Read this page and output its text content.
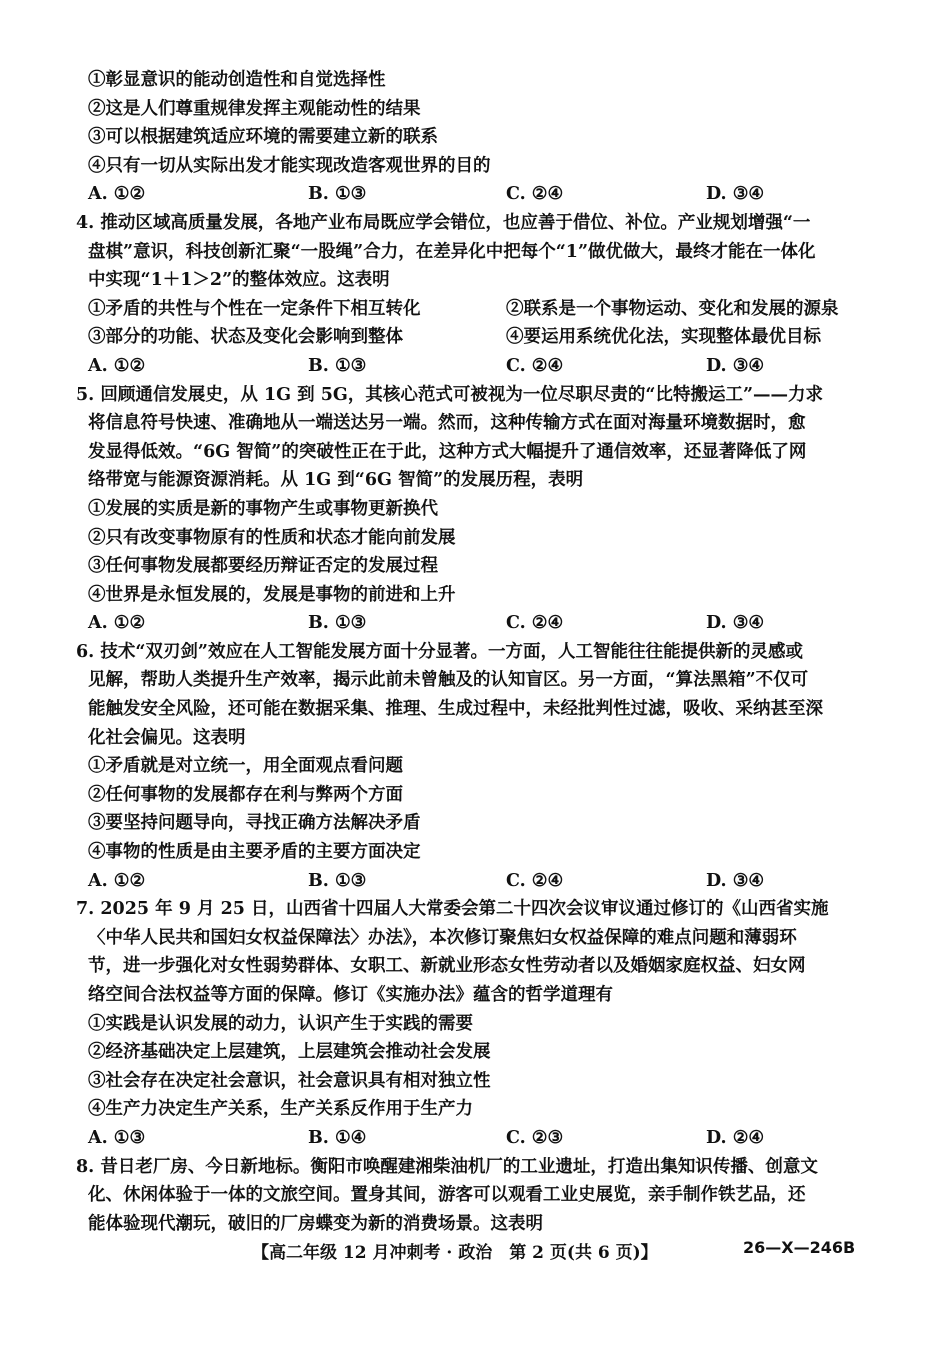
①彰显意识的能动创造性和自觉选择性
②这是人们尊重规律发挥主观能动性的结果
③可以根据建筑适应环境的需要建立新的联系
④只有一切从实际出发才能实现改造客观世界的目的
A. ①②	B. ①③	C. ②④	D. ③④
4. 推动区域高质量发展，各地产业布局既应学会错位，也应善于借位、补位。产业规划增强“一
盘棋”意识，科技创新汇聚“一股绳”合力，在差异化中把每个“1”做优做大，最终才能在一体化
中实现“1＋1＞2”的整体效应。这表明
①矛盾的共性与个性在一定条件下相互转化	②联系是一个事物运动、变化和发展的源泉
③部分的功能、状态及变化会影响到整体	④要运用系统优化法，实现整体最优目标
A. ①②	B. ①③	C. ②④	D. ③④
5. 回顾通信发展史，从 1G 到 5G，其核心范式可被视为一位尽职尽责的“比特搬运工”——力求
将信息符号快速、准确地从一端送达另一端。然而，这种传输方式在面对海量环境数据时，愈
发显得低效。“6G 智简”的突破性正在于此，这种方式大幅提升了通信效率，还显著降低了网
络带宽与能源资源消耗。从 1G 到“6G 智简”的发展历程，表明
①发展的实质是新的事物产生或事物更新换代
②只有改变事物原有的性质和状态才能向前发展
③任何事物发展都要经历辩证否定的发展过程
④世界是永恒发展的，发展是事物的前进和上升
A. ①②	B. ①③	C. ②④	D. ③④
6. 技术“双刃剑”效应在人工智能发展方面十分显著。一方面，人工智能往往能提供新的灵感或
见解，帮助人类提升生产效率，揭示此前未曾触及的认知盲区。另一方面，“算法黑箱”不仅可
能触发安全风险，还可能在数据采集、推理、生成过程中，未经批判性过滤，吸收、采纳甚至深
化社会偏见。这表明
①矛盾就是对立统一，用全面观点看问题
②任何事物的发展都存在利与弊两个方面
③要坚持问题导向，寻找正确方法解决矛盾
④事物的性质是由主要矛盾的主要方面决定
A. ①②	B. ①③	C. ②④	D. ③④
7. 2025 年 9 月 25 日，山西省十四届人大常委会第二十四次会议审议通过修订的《山西省实施
〈中华人民共和国妇女权益保障法〉办法》，本次修订聚焦妇女权益保障的难点问题和薄弱环
节，进一步强化对女性弱势群体、女职工、新就业形态女性劳动者以及婚姻家庭权益、妇女网
络空间合法权益等方面的保障。修订《实施办法》蕴含的哲学道理有
①实践是认识发展的动力，认识产生于实践的需要
②经济基础决定上层建筑，上层建筑会推动社会发展
③社会存在决定社会意识，社会意识具有相对独立性
④生产力决定生产关系，生产关系反作用于生产力
A. ①③	B. ①④	C. ②③	D. ②④
8. 昔日老厂房、今日新地标。衡阳市唤醒建湘柴油机厂的工业遗址，打造出集知识传播、创意文
化、休闲体验于一体的文旅空间。置身其间，游客可以观看工业史展览，亲手制作铁艺品，还
能体验现代潮玩，破旧的厂房蝶变为新的消费场景。这表明
【高二年级 12 月冲刺考 · 政治　第 2 页(共 6 页)】	26—X—246B
